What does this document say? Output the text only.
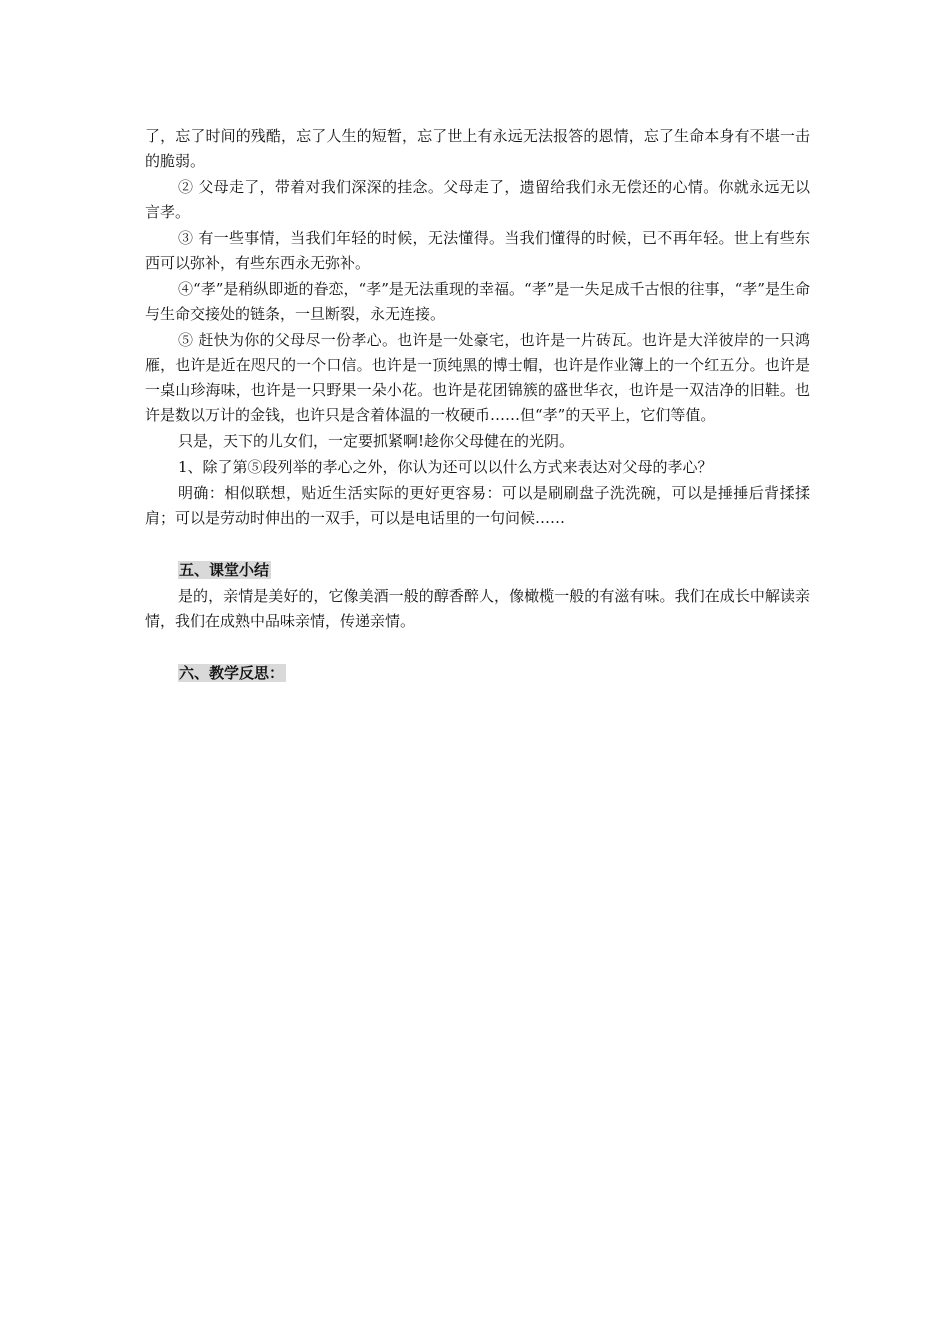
了，忘了时间的残酷，忘了人生的短暂，忘了世上有永远无法报答的恩情，忘了生命本身有不堪一击的脆弱。

② 父母走了，带着对我们深深的挂念。父母走了，遗留给我们永无偿还的心情。你就永远无以言孝。

③ 有一些事情，当我们年轻的时候，无法懂得。当我们懂得的时候，已不再年轻。世上有些东西可以弥补，有些东西永无弥补。

④“孝”是稍纵即逝的眷恋，“孝”是无法重现的幸福。“孝”是一失足成千古恨的往事，“孝”是生命与生命交接处的链条，一旦断裂，永无连接。

⑤ 赶快为你的父母尽一份孝心。也许是一处豪宅，也许是一片砖瓦。也许是大洋彼岸的一只鸿雁，也许是近在咫尺的一个口信。也许是一顶纯黑的博士帽，也许是作业簿上的一个红五分。也许是一桌山珍海味，也许是一只野果一朵小花。也许是花团锦簇的盛世华衣，也许是一双洁净的旧鞋。也许是数以万计的金钱，也许只是含着体温的一枚硬币……但“孝”的天平上，它们等值。

只是，天下的儿女们，一定要抓紧啊!趁你父母健在的光阴。

1、除了第⑤段列举的孝心之外，你认为还可以以什么方式来表达对父母的孝心？

明确：相似联想，贴近生活实际的更好更容易：可以是刷刷盘子洗洗碗，可以是捶捶后背揉揉肩；可以是劳动时伸出的一双手，可以是电话里的一句问候……

五、课堂小结

是的，亲情是美好的，它像美酒一般的醇香醉人，像橄榄一般的有滋有味。我们在成长中解读亲情，我们在成熟中品味亲情，传递亲情。

六、教学反思：
